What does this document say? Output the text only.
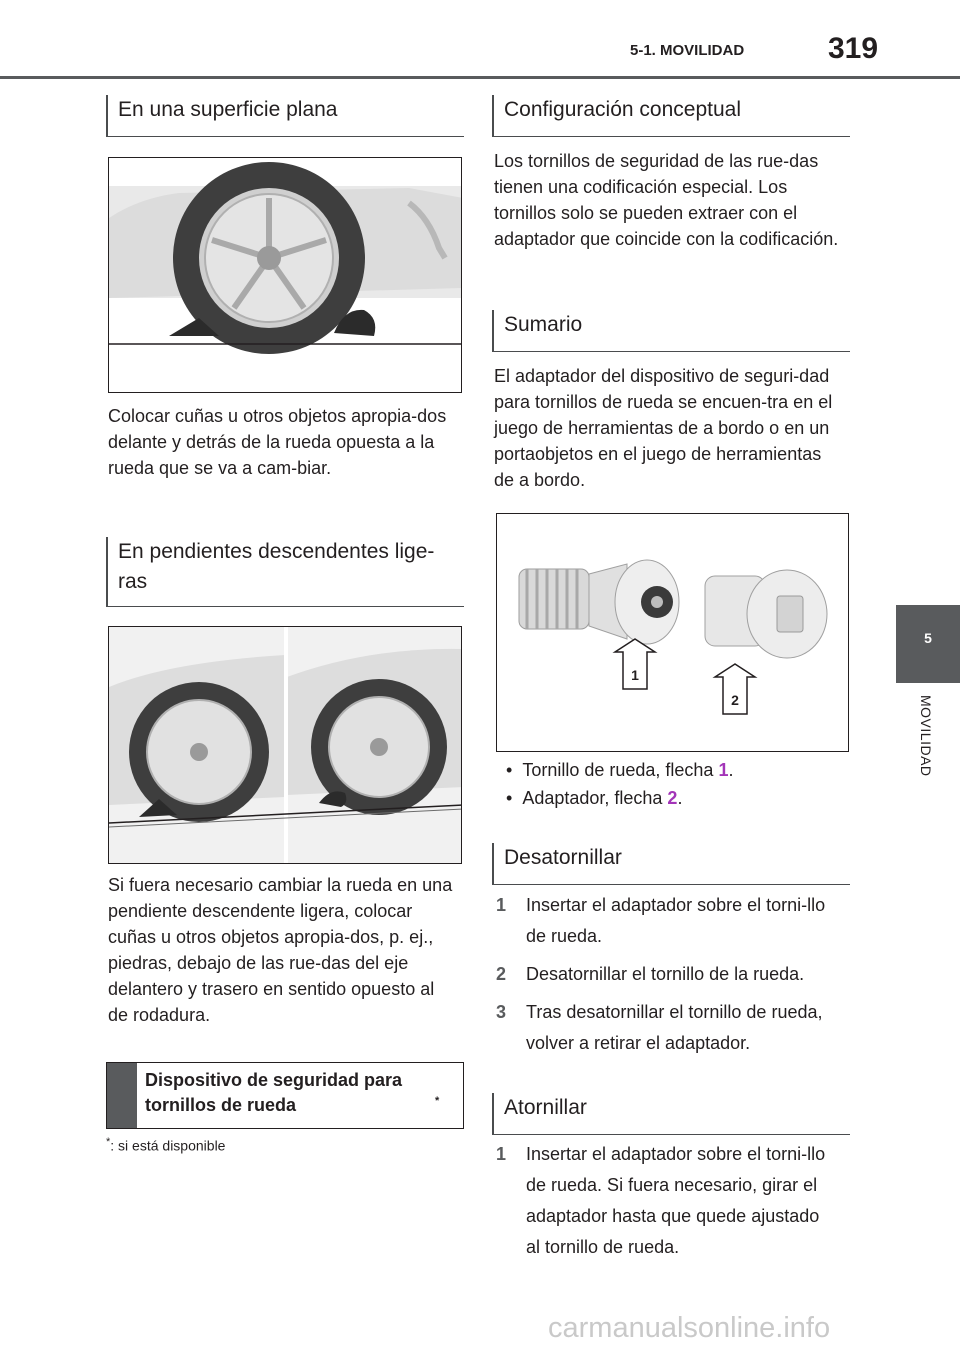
5-1. MOVILIDAD	319
5
MOVILIDAD
En una superficie plana

Colocar cuñas u otros objetos apropia-dos delante y detrás de la rueda opuesta a la rueda que se va a cam-biar.

En pendientes descendentes lige-ras

Si fuera necesario cambiar la rueda en una pendiente descendente ligera, colocar cuñas u otros objetos apropia-dos, p. ej., piedras, debajo de las rue-das del eje delantero y trasero en sentido opuesto al de rodadura.

Dispositivo de seguridad para tornillos de rueda	*
*: si está disponible
Configuración conceptual

Los tornillos de seguridad de las rue-das tienen una codificación especial. Los tornillos solo se pueden extraer con el adaptador que coincide con la codificación.

Sumario

El adaptador del dispositivo de seguri-dad para tornillos de rueda se encuen-tra en el juego de herramientas de a bordo o en un portaobjetos en el juego de herramientas de a bordo.

1
2
•  Tornillo de rueda, flecha 1.
•  Adaptador, flecha 2.
Desatornillar
1 Insertar el adaptador sobre el torni-llo de rueda.

2 Desatornillar el tornillo de la rueda.

3 Tras desatornillar el tornillo de rueda, volver a retirar el adaptador.

Atornillar
1 Insertar el adaptador sobre el torni-llo de rueda. Si fuera necesario, girar el adaptador hasta que quede ajustado al tornillo de rueda.

carmanualsonline.info
